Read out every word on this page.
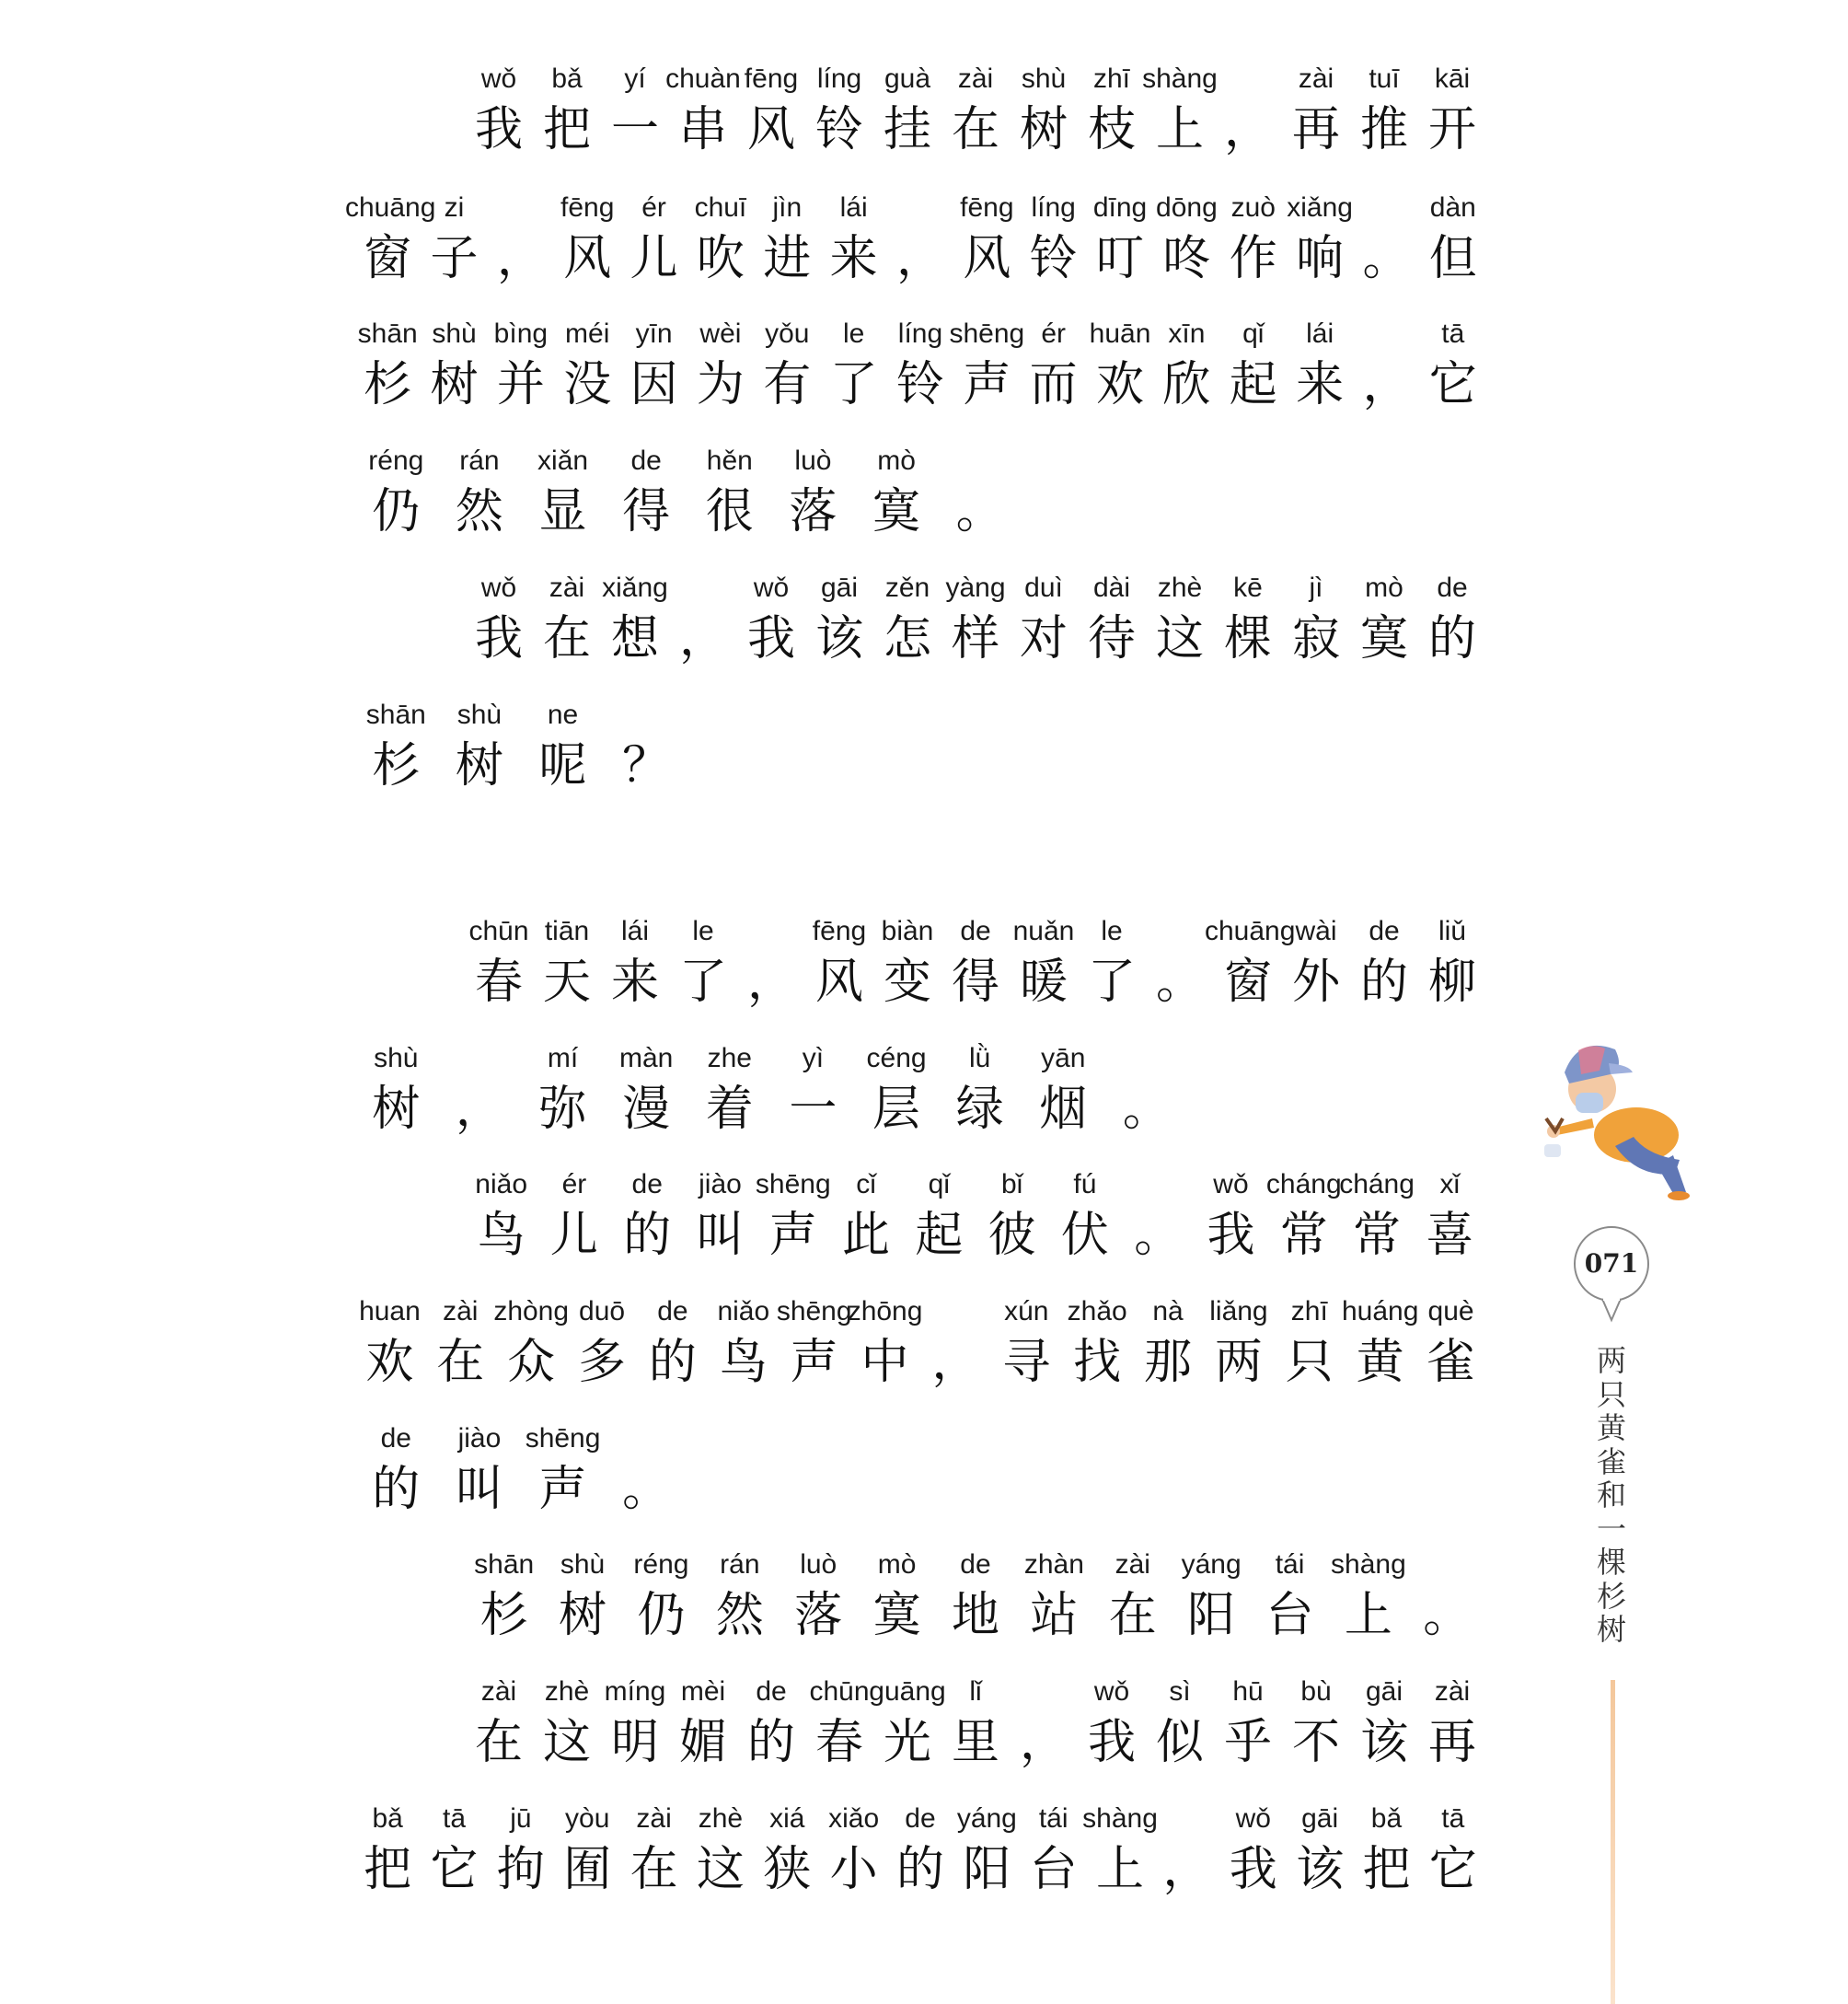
wǒ	bǎ	yí chuàn fēng líng guà zài	shù zhī shàng	zài	tuī	kāi
我 把 一 串 风 铃 挂 在 树 枝 上 ， 再 推 开
chuāng zi	fēng ér	chuī jìn	lái	fēng líng dīng dōng zuò xiǎng	dàn
窗 子 ， 风 儿 吹 进 来 ， 风 铃 叮 咚 作 响 。 但
shān shù bìng méi yīn wèi yǒu	le	líng shēng ér huān xīn	qǐ	lái	tā
杉 树 并 没 因 为 有 了 铃 声 而 欢 欣 起 来 ， 它
réng	rán	xiǎn	de	hěn	luò	mò
仍 然 显 得 很 落 寞 。
wǒ	zài xiǎng	wǒ	gāi zěn yàng duì	dài zhè	kē	jì	mò	de
我 在 想 ， 我 该 怎 样 对 待 这 棵 寂 寞 的
shān	shù	ne
杉 树 呢 ？
chūn tiān	lái	le	fēng biàn de nuǎn le	chuāng wài	de	liǔ
春 天 来 了 ， 风 变 得 暖 了 。 窗 外 的 柳
shù	mí	màn	zhe	yì	céng	lǜ	yān
树 ， 弥 漫 着 一 层 绿 烟 。
niǎo	ér	de	jiào shēng cǐ	qǐ	bǐ	fú	wǒ cháng
cháng xǐ
鸟 儿 的 叫 声 此 起 彼 伏 。 我 常 常 喜
huan zài zhòng duō	de	niǎo shēng
zhōng	xún zhǎo nà liǎng zhī huáng què
欢 在 众 多 的 鸟 声 中 ， 寻 找 那 两 只 黄 雀
de	jiào shēng
的 叫 声 。
shān shù	réng	rán	luò	mò	de	zhàn	zài	yáng	tái shàng
杉 树 仍 然 落 寞 地 站 在 阳 台 上 。
zài	zhè míng mèi	de chūn guāng lǐ	wǒ	sì	hū	bù	gāi	zài
在 这 明 媚 的 春 光 里 ， 我 似 乎 不 该 再
bǎ	tā	jū	yòu zài zhè xiá xiǎo de yáng tái shàng	wǒ	gāi	bǎ	tā
把 它 拘 囿 在 这 狭 小 的 阳 台 上 ， 我 该 把 它
071
两
只
黄
雀
和
一
棵
杉
树
